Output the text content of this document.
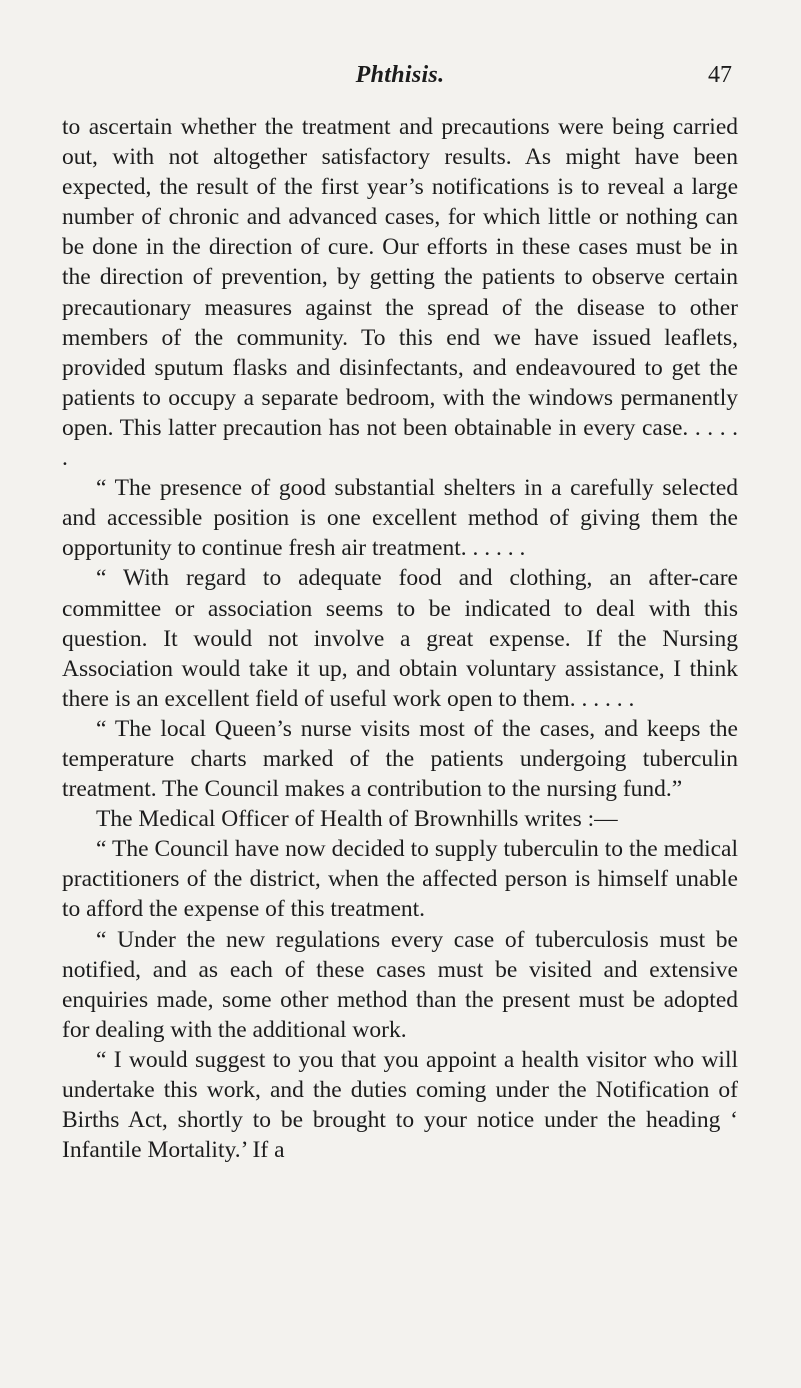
Phthisis.	47

to ascertain whether the treatment and precautions were being carried out, with not altogether satisfactory results. As might have been expected, the result of the first year’s notifications is to reveal a large number of chronic and advanced cases, for which little or nothing can be done in the direction of cure. Our efforts in these cases must be in the direction of prevention, by getting the patients to observe certain precautionary measures against the spread of the disease to other members of the community. To this end we have issued leaflets, provided sputum flasks and disinfectants, and endeavoured to get the patients to occupy a separate bedroom, with the windows permanently open. This latter precaution has not been obtainable in every case. . . . . .

“ The presence of good substantial shelters in a carefully selected and accessible position is one excellent method of giving them the opportunity to continue fresh air treatment. . . . . .

“ With regard to adequate food and clothing, an after-care committee or association seems to be indicated to deal with this question. It would not involve a great expense. If the Nursing Association would take it up, and obtain voluntary assistance, I think there is an excellent field of useful work open to them. . . . . .

“ The local Queen’s nurse visits most of the cases, and keeps the temperature charts marked of the patients undergoing tuberculin treatment. The Council makes a contribution to the nursing fund.”

The Medical Officer of Health of Brownhills writes :—

“ The Council have now decided to supply tuberculin to the medical practitioners of the district, when the affected person is himself unable to afford the expense of this treatment.

“ Under the new regulations every case of tuberculosis must be notified, and as each of these cases must be visited and extensive enquiries made, some other method than the present must be adopted for dealing with the additional work.

“ I would suggest to you that you appoint a health visitor who will undertake this work, and the duties coming under the Notification of Births Act, shortly to be brought to your notice under the heading ‘ Infantile Mortality.’ If a
